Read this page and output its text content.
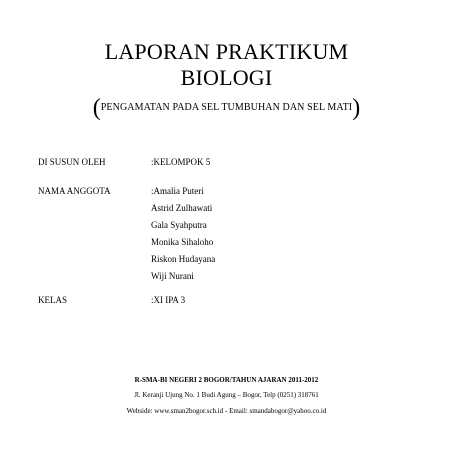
LAPORAN PRAKTIKUM
BIOLOGI
(PENGAMATAN PADA SEL TUMBUHAN DAN SEL MATI)
DI SUSUN OLEH	:KELOMPOK 5
NAMA ANGGOTA	:Amalia Puteri
Astrid Zulhawati
Gala Syahputra
Monika Sihaloho
Riskon Hudayana
Wiji Nurani
KELAS	:XI IPA 3
R-SMA-BI NEGERI 2 BOGOR/TAHUN AJARAN 2011-2012
Jl. Keranji Ujung No. 1 Budi Agung – Bogor, Telp (0251) 318761
Webside: www.sman2bogor.sch.id - Email: smandabogor@yahoo.co.id
